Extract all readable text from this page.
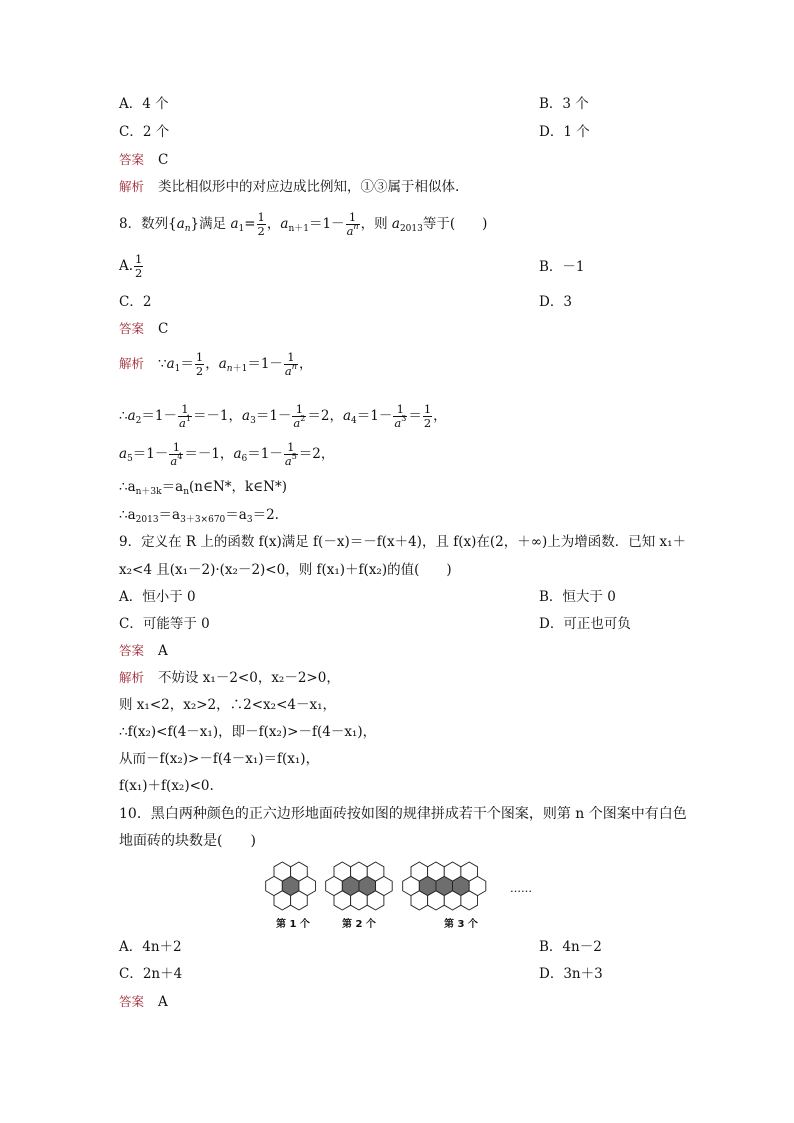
A．4 个	B．3 个
C．2 个	D．1 个
答案 C
解析 类比相似形中的对应边成比例知，①③属于相似体.
8．数列$\{a_n\}$满足 $a_1= \frac{1}{2}$ ，$a_{n+1}=1- \frac{1}{a^n}$ ，则 $a_{2013}$等于(　　)
A. $\frac{1}{2}$	B．－1
C．2	D．3
答案 C
解析 $\because a_1= \frac{1}{2}$ ，$a_{n+1}=1- \frac{1}{a^n}$ ，
$\therefore a_2=1- \frac{1}{a^1} =-1$，$a_3=1- \frac{1}{a^2} =2$，$a_4=1- \frac{1}{a^3} = \frac{1}{2}$ ，
$a_5=1- \frac{1}{a^4} =-1$，$a_6=1- \frac{1}{a^5} =2$，
$\therefore a_{n+3k}=a_n(n\in N*$，k∈N*)
$\therefore a_{2013}=a_{3+3\times 670}=a_3=2$.
9．定义在 R 上的函数 f(x)满足 f(－x)＝－f(x＋4)，且 f(x)在(2，＋∞)上为增函数．已知 x₁＋
x₂<4 且(x₁－2)·(x₂－2)<0，则 f(x₁)＋f(x₂)的值(　　)
A．恒小于 0	B．恒大于 0
C．可能等于 0	D．可正也可负
答案 A
解析 不妨设 x₁－2<0，x₂－2>0，
则 x₁<2，x₂>2，∴2<x₂<4－x₁，
∴f(x₂)<f(4－x₁)，即－f(x₂)>－f(4－x₁)，
从而－f(x₂)>－f(4－x₁)＝f(x₁)，
f(x₁)＋f(x₂)<0.
10．黑白两种颜色的正六边形地面砖按如图的规律拼成若干个图案，则第 n 个图案中有白色
地面砖的块数是(　　)
……
第 1 个	第 2 个	第 3 个
A．4n＋2	B．4n－2
C．2n＋4	D．3n＋3
答案 A
